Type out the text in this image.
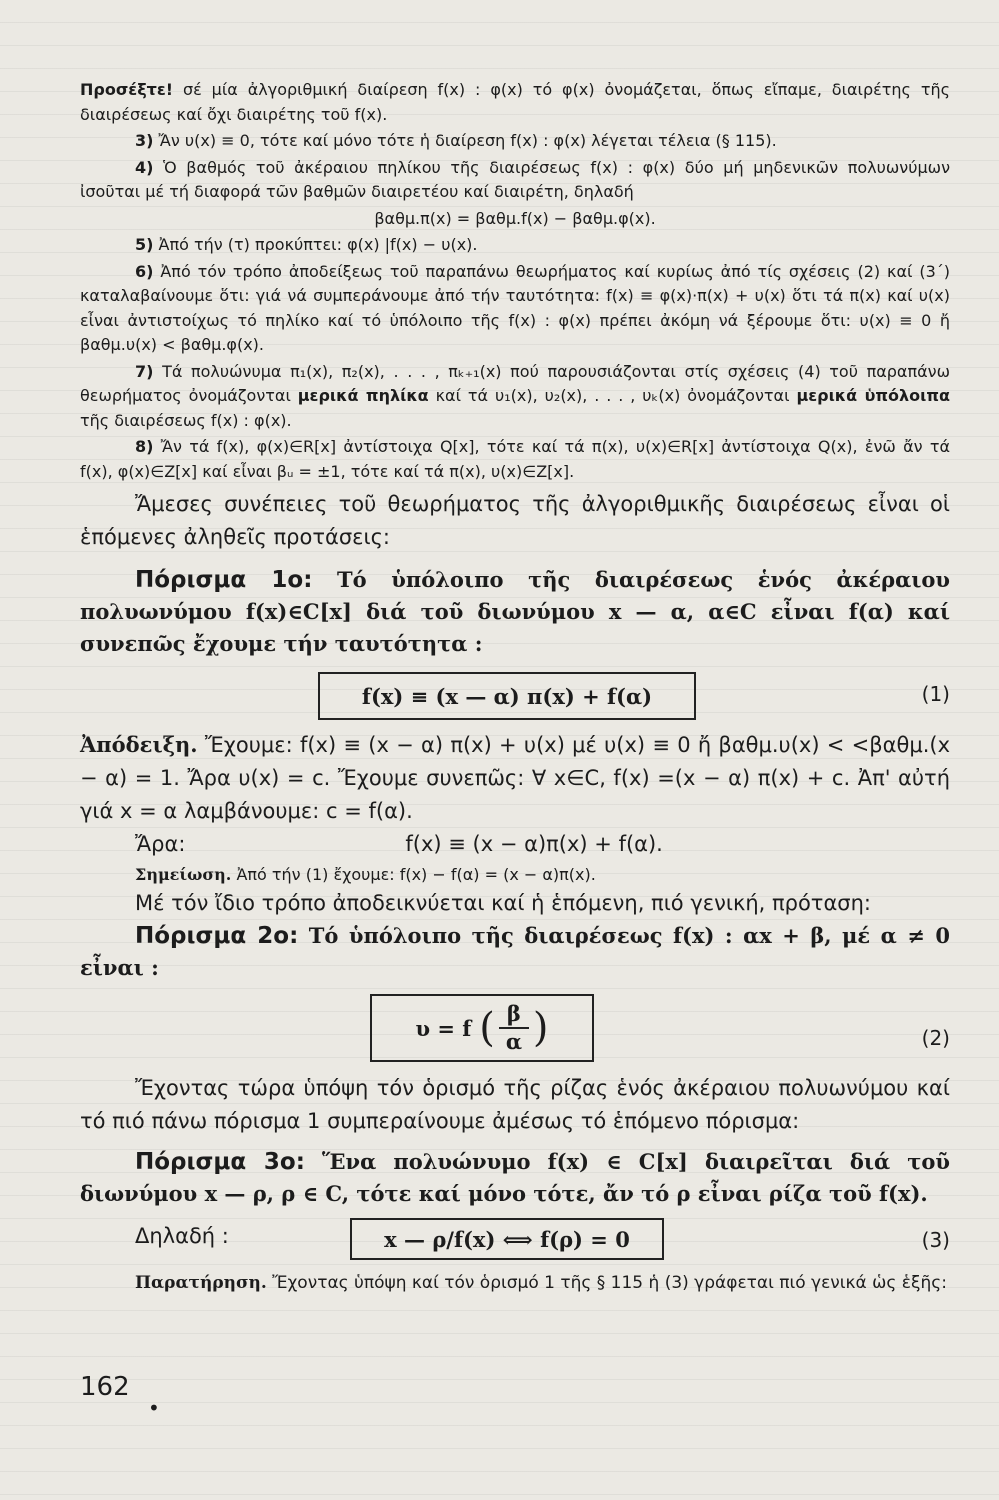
Προσέξτε! σέ μία ἀλγοριθμική διαίρεση f(x) : φ(x) τό φ(x) ὀνομάζεται, ὅπως εἴπαμε, διαιρέτης τῆς διαιρέσεως καί ὄχι διαιρέτης τοῦ f(x).

3) Ἄν υ(x) ≡ 0, τότε καί μόνο τότε ἡ διαίρεση f(x) : φ(x) λέγεται τέλεια (§ 115).

4) Ὁ βαθμός τοῦ ἀκέραιου πηλίκου τῆς διαιρέσεως f(x) : φ(x) δύο μή μηδενικῶν πολυωνύμων ἰσοῦται μέ τή διαφορά τῶν βαθμῶν διαιρετέου καί διαιρέτη, δηλαδή

βαθμ.π(x) = βαθμ.f(x) − βαθμ.φ(x).

5) Ἀπό τήν (τ) προκύπτει: φ(x) |f(x) − υ(x).

6) Ἀπό τόν τρόπο ἀποδείξεως τοῦ παραπάνω θεωρήματος καί κυρίως ἀπό τίς σχέσεις (2) καί (3΄) καταλαβαίνουμε ὅτι: γιά νά συμπεράνουμε ἀπό τήν ταυτότητα: f(x) ≡ φ(x)·π(x) + υ(x) ὅτι τά π(x) καί υ(x) εἶναι ἀντιστοίχως τό πηλίκο καί τό ὑπόλοιπο τῆς f(x) : φ(x) πρέπει ἀκόμη νά ξέρουμε ὅτι: υ(x) ≡ 0 ἤ βαθμ.υ(x) < βαθμ.φ(x).

7) Τά πολυώνυμα π₁(x), π₂(x), . . . , πₖ₊₁(x) πού παρουσιάζονται στίς σχέσεις (4) τοῦ παραπάνω θεωρήματος ὀνομάζονται μερικά πηλίκα καί τά υ₁(x), υ₂(x), . . . , υₖ(x) ὀνομάζονται μερικά ὑπόλοιπα τῆς διαιρέσεως f(x) : φ(x).

8) Ἄν τά f(x), φ(x)∈R[x] ἀντίστοιχα Q[x], τότε καί τά π(x), υ(x)∈R[x] ἀντίστοιχα Q(x), ἐνῶ ἄν τά f(x), φ(x)∈Z[x] καί εἶναι βᵤ = ±1, τότε καί τά π(x), υ(x)∈Z[x].

Ἄμεσες συνέπειες τοῦ θεωρήματος τῆς ἀλγοριθμικῆς διαιρέσεως εἶναι οἱ ἑπόμενες ἀληθεῖς προτάσεις:

Πόρισμα 1ο: Τό ὑπόλοιπο τῆς διαιρέσεως ἑνός ἀκέραιου πολυωνύμου f(x)∈C[x] διά τοῦ διωνύμου x — α, α∈C εἶναι f(α) καί συνεπῶς ἔχουμε τήν ταυτότητα :

f(x) ≡ (x — α) π(x) + f(α)	(1)

Ἀπόδειξη. Ἔχουμε: f(x) ≡ (x − α) π(x) + υ(x) μέ υ(x) ≡ 0 ἤ βαθμ.υ(x) < <βαθμ.(x − α) = 1. Ἄρα υ(x) = c. Ἔχουμε συνεπῶς: ∀ x∈C, f(x) =(x − α) π(x) + c. Ἀπ' αὐτή γιά x = α λαμβάνουμε: c = f(α).

Ἄρα:	f(x) ≡ (x − α)π(x) + f(α).

Σημείωση. Ἀπό τήν (1) ἔχουμε: f(x) − f(α) = (x − α)π(x).

Μέ τόν ἴδιο τρόπο ἀποδεικνύεται καί ἡ ἑπόμενη, πιό γενική, πρόταση:

Πόρισμα 2ο: Τό ὑπόλοιπο τῆς διαιρέσεως f(x) : αx + β, μέ α ≠ 0 εἶναι :

υ = f ( β
α )	(2)

Ἔχοντας τώρα ὑπόψη τόν ὁρισμό τῆς ρίζας ἑνός ἀκέραιου πολυωνύμου καί τό πιό πάνω πόρισμα 1 συμπεραίνουμε ἀμέσως τό ἑπόμενο πόρισμα:

Πόρισμα 3ο: Ἕνα πολυώνυμο f(x) ∈ C[x] διαιρεῖται διά τοῦ διωνύμου x — ρ, ρ ∈ C, τότε καί μόνο τότε, ἄν τό ρ εἶναι ρίζα τοῦ f(x).

Δηλαδή :	x — ρ/f(x) ⟺ f(ρ) = 0	(3)

Παρατήρηση. Ἔχοντας ὑπόψη καί τόν ὁρισμό 1 τῆς § 115 ἡ (3) γράφεται πιό γενικά ὡς ἑξῆς:

162
•
